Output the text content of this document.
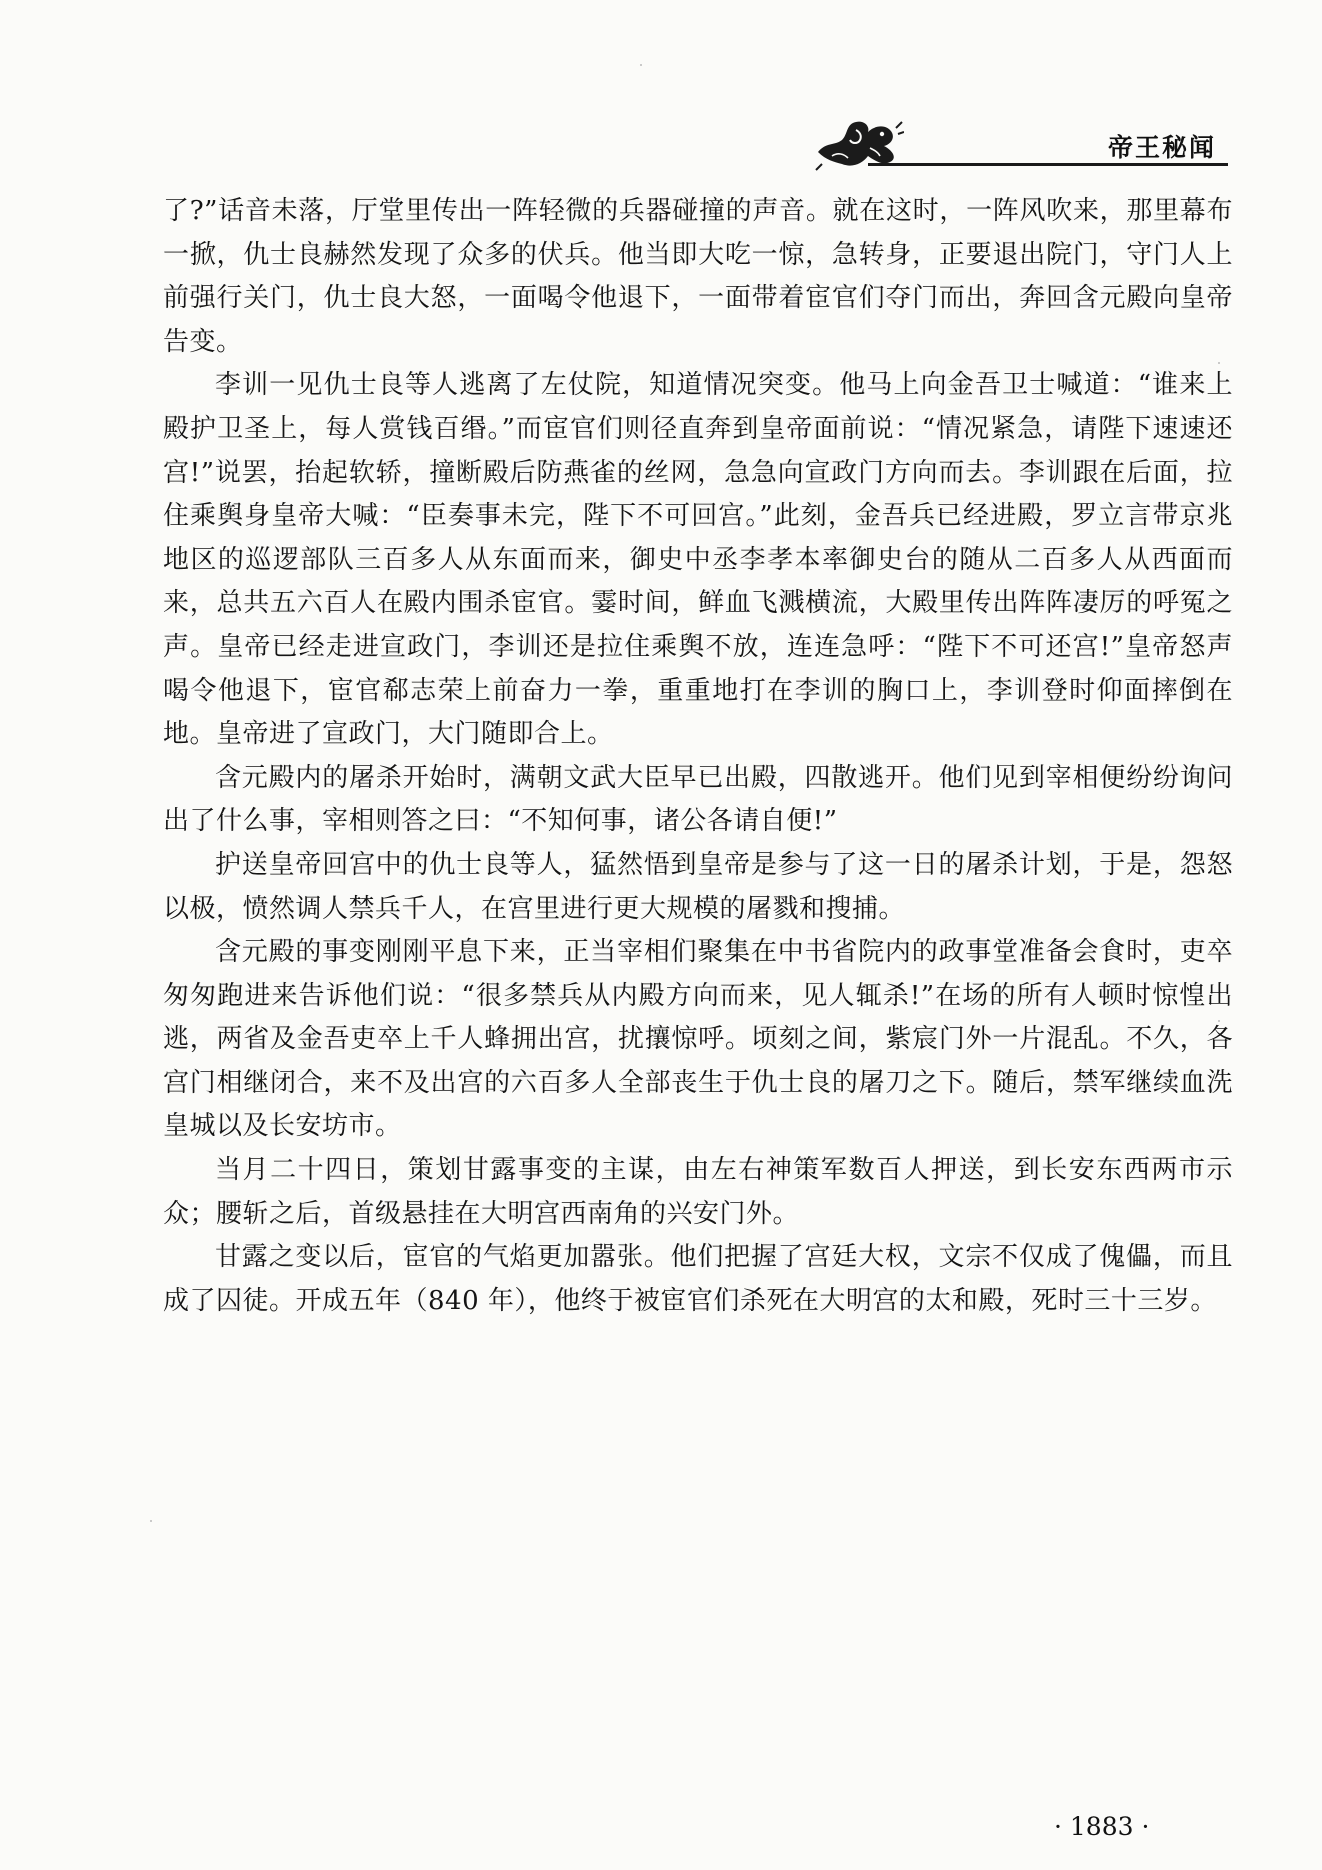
帝王秘闻

了?”话音未落，厅堂里传出一阵轻微的兵器碰撞的声音。就在这时，一阵风吹来，那里幕布一掀，仇士良赫然发现了众多的伏兵。他当即大吃一惊，急转身，正要退出院门，守门人上前强行关门，仇士良大怒，一面喝令他退下，一面带着宦官们夺门而出，奔回含元殿向皇帝告变。

李训一见仇士良等人逃离了左仗院，知道情况突变。他马上向金吾卫士喊道：“谁来上殿护卫圣上，每人赏钱百缗。”而宦官们则径直奔到皇帝面前说：“情况紧急，请陛下速速还宫!”说罢，抬起软轿，撞断殿后防燕雀的丝网，急急向宣政门方向而去。李训跟在后面，拉住乘舆身皇帝大喊：“臣奏事未完，陛下不可回宫。”此刻，金吾兵已经进殿，罗立言带京兆地区的巡逻部队三百多人从东面而来，御史中丞李孝本率御史台的随从二百多人从西面而来，总共五六百人在殿内围杀宦官。霎时间，鲜血飞溅横流，大殿里传出阵阵凄厉的呼冤之声。皇帝已经走进宣政门，李训还是拉住乘舆不放，连连急呼：“陛下不可还宫!”皇帝怒声喝令他退下，宦官郗志荣上前奋力一拳，重重地打在李训的胸口上，李训登时仰面摔倒在地。皇帝进了宣政门，大门随即合上。

含元殿内的屠杀开始时，满朝文武大臣早已出殿，四散逃开。他们见到宰相便纷纷询问出了什么事，宰相则答之曰：“不知何事，诸公各请自便!”

护送皇帝回宫中的仇士良等人，猛然悟到皇帝是参与了这一日的屠杀计划，于是，怨怒以极，愤然调人禁兵千人，在宫里进行更大规模的屠戮和搜捕。

含元殿的事变刚刚平息下来，正当宰相们聚集在中书省院内的政事堂准备会食时，吏卒匆匆跑进来告诉他们说：“很多禁兵从内殿方向而来，见人辄杀!”在场的所有人顿时惊惶出逃，两省及金吾吏卒上千人蜂拥出宫，扰攘惊呼。顷刻之间，紫宸门外一片混乱。不久，各宫门相继闭合，来不及出宫的六百多人全部丧生于仇士良的屠刀之下。随后，禁军继续血洗皇城以及长安坊市。

当月二十四日，策划甘露事变的主谋，由左右神策军数百人押送，到长安东西两市示众；腰斩之后，首级悬挂在大明宫西南角的兴安门外。

甘露之变以后，宦官的气焰更加嚣张。他们把握了宫廷大权，文宗不仅成了傀儡，而且成了囚徒。开成五年（840 年），他终于被宦官们杀死在大明宫的太和殿，死时三十三岁。

· 1883 ·
